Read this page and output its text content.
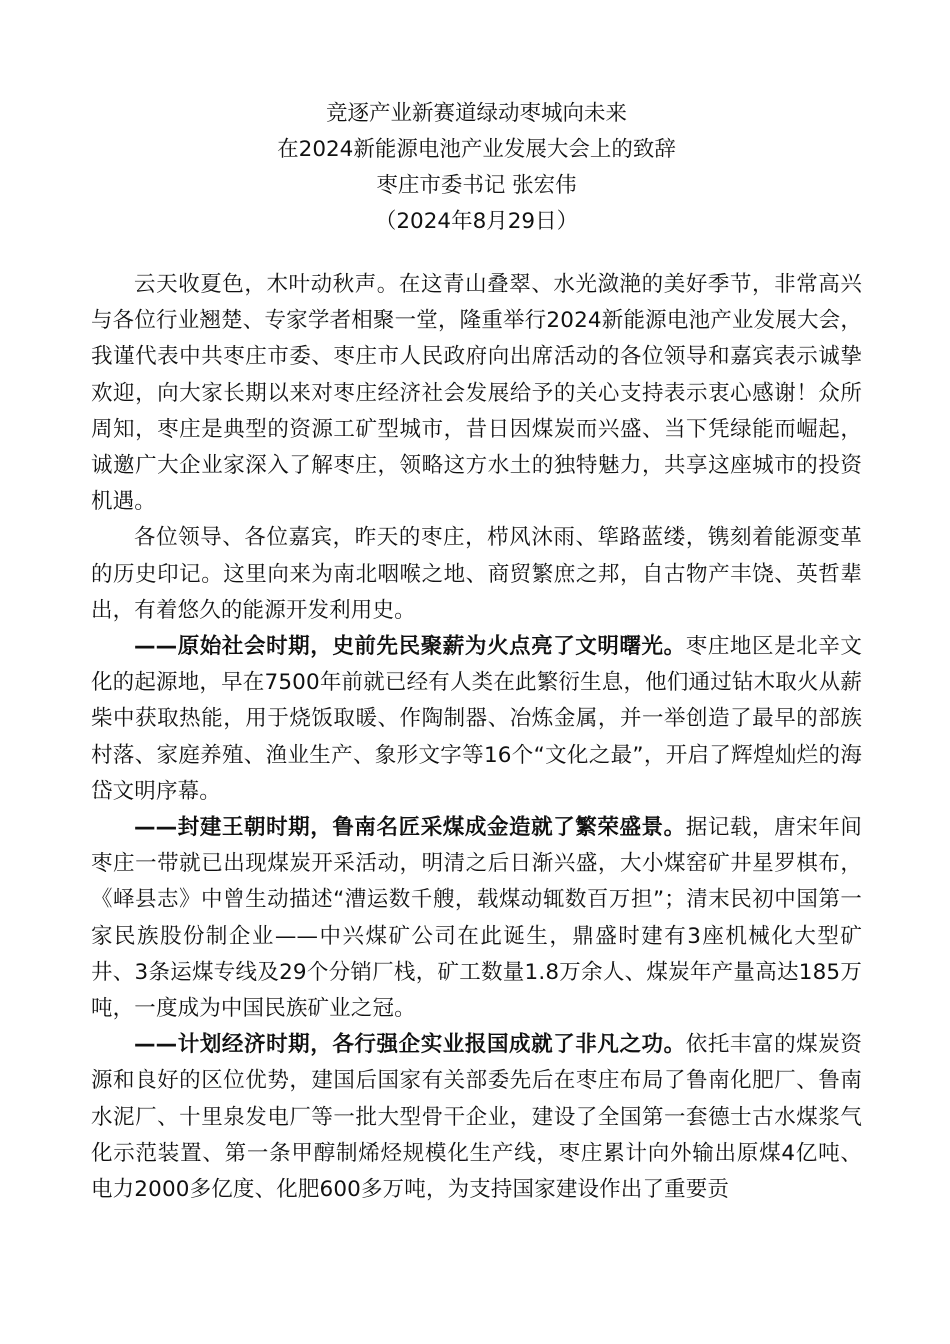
竞逐产业新赛道绿动枣城向未来
在2024新能源电池产业发展大会上的致辞
枣庄市委书记 张宏伟
（2024年8月29日）

云天收夏色，木叶动秋声。在这青山叠翠、水光潋滟的美好季节，非常高兴与各位行业翘楚、专家学者相聚一堂，隆重举行2024新能源电池产业发展大会，我谨代表中共枣庄市委、枣庄市人民政府向出席活动的各位领导和嘉宾表示诚挚欢迎，向大家长期以来对枣庄经济社会发展给予的关心支持表示衷心感谢！众所周知，枣庄是典型的资源工矿型城市，昔日因煤炭而兴盛、当下凭绿能而崛起，诚邀广大企业家深入了解枣庄，领略这方水土的独特魅力，共享这座城市的投资机遇。

各位领导、各位嘉宾，昨天的枣庄，栉风沐雨、筚路蓝缕，镌刻着能源变革的历史印记。这里向来为南北咽喉之地、商贸繁庶之邦，自古物产丰饶、英哲辈出，有着悠久的能源开发利用史。

——原始社会时期，史前先民聚薪为火点亮了文明曙光。枣庄地区是北辛文化的起源地，早在7500年前就已经有人类在此繁衍生息，他们通过钻木取火从薪柴中获取热能，用于烧饭取暖、作陶制器、冶炼金属，并一举创造了最早的部族村落、家庭养殖、渔业生产、象形文字等16个“文化之最”，开启了辉煌灿烂的海岱文明序幕。

——封建王朝时期，鲁南名匠采煤成金造就了繁荣盛景。据记载，唐宋年间枣庄一带就已出现煤炭开采活动，明清之后日渐兴盛，大小煤窑矿井星罗棋布，《峄县志》中曾生动描述“漕运数千艘，载煤动辄数百万担”；清末民初中国第一家民族股份制企业——中兴煤矿公司在此诞生，鼎盛时建有3座机械化大型矿井、3条运煤专线及29个分销厂栈，矿工数量1.8万余人、煤炭年产量高达185万吨，一度成为中国民族矿业之冠。

——计划经济时期，各行强企实业报国成就了非凡之功。依托丰富的煤炭资源和良好的区位优势，建国后国家有关部委先后在枣庄布局了鲁南化肥厂、鲁南水泥厂、十里泉发电厂等一批大型骨干企业，建设了全国第一套德士古水煤浆气化示范装置、第一条甲醇制烯烃规模化生产线，枣庄累计向外输出原煤4亿吨、电力2000多亿度、化肥600多万吨，为支持国家建设作出了重要贡
